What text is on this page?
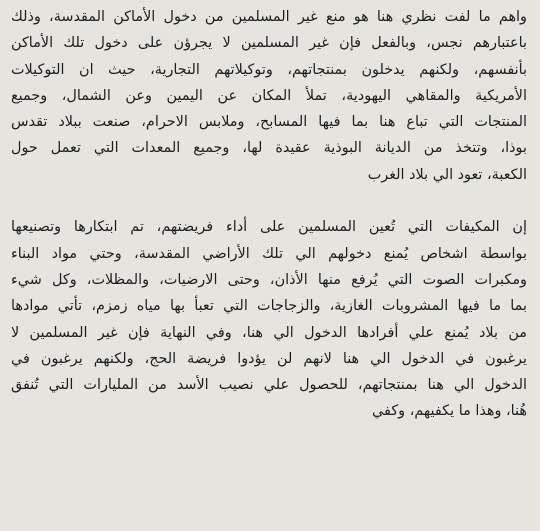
واهم ما لفت نظري هنا هو منع غير المسلمين من دخول الأماكن المقدسة، وذلك
باعتبارهم نجس، وبالفعل فإن غير المسلمين لا يجرؤن على دخول تلك الأماكن
بأنفسهم، ولكنهم يدخلون بمنتجاتهم، وتوكيلاتهم التجارية، حيث ان التوكيلات
الأمريكية والمقاهي اليهودية، تملأ المكان عن اليمين وعن الشمال، وجميع
المنتجات التي تباع هنا بما فيها المسابح، وملابس الاحرام، صنعت ببلاد تقدس
بوذا، وتتخذ من الديانة البوذية عقيدة لها، وجميع المعدات التي تعمل حول
الكعبة، تعود الي بلاد الغرب
إن المكيفات التي تُعين المسلمين على أداء فريضتهم، تم ابتكارها وتصنيعها
بواسطة اشخاص يُمنع دخولهم الي تلك الأراضي المقدسة، وحتي مواد البناء
ومكبرات الصوت التي يُرفع منها الأذان، وحتى الارضيات، والمظلات، وكل شيء
بما ما فيها المشروبات الغازية، والزجاجات التي تعبأ بها مياه زمزم، تأتي موادها
من بلاد يُمنع علي أفرادها الدخول الي هنا، وفي النهاية فإن غير المسلمين لا
يرغبون في الدخول الي هنا لانهم لن يؤدوا فريضة الحج، ولكنهم يرغبون في
الدخول الي هنا بمنتجاتهم، للحصول علي نصيب الأسد من المليارات التي تُنفق
هُنا، وهذا ما يكفيهم، وكفي
